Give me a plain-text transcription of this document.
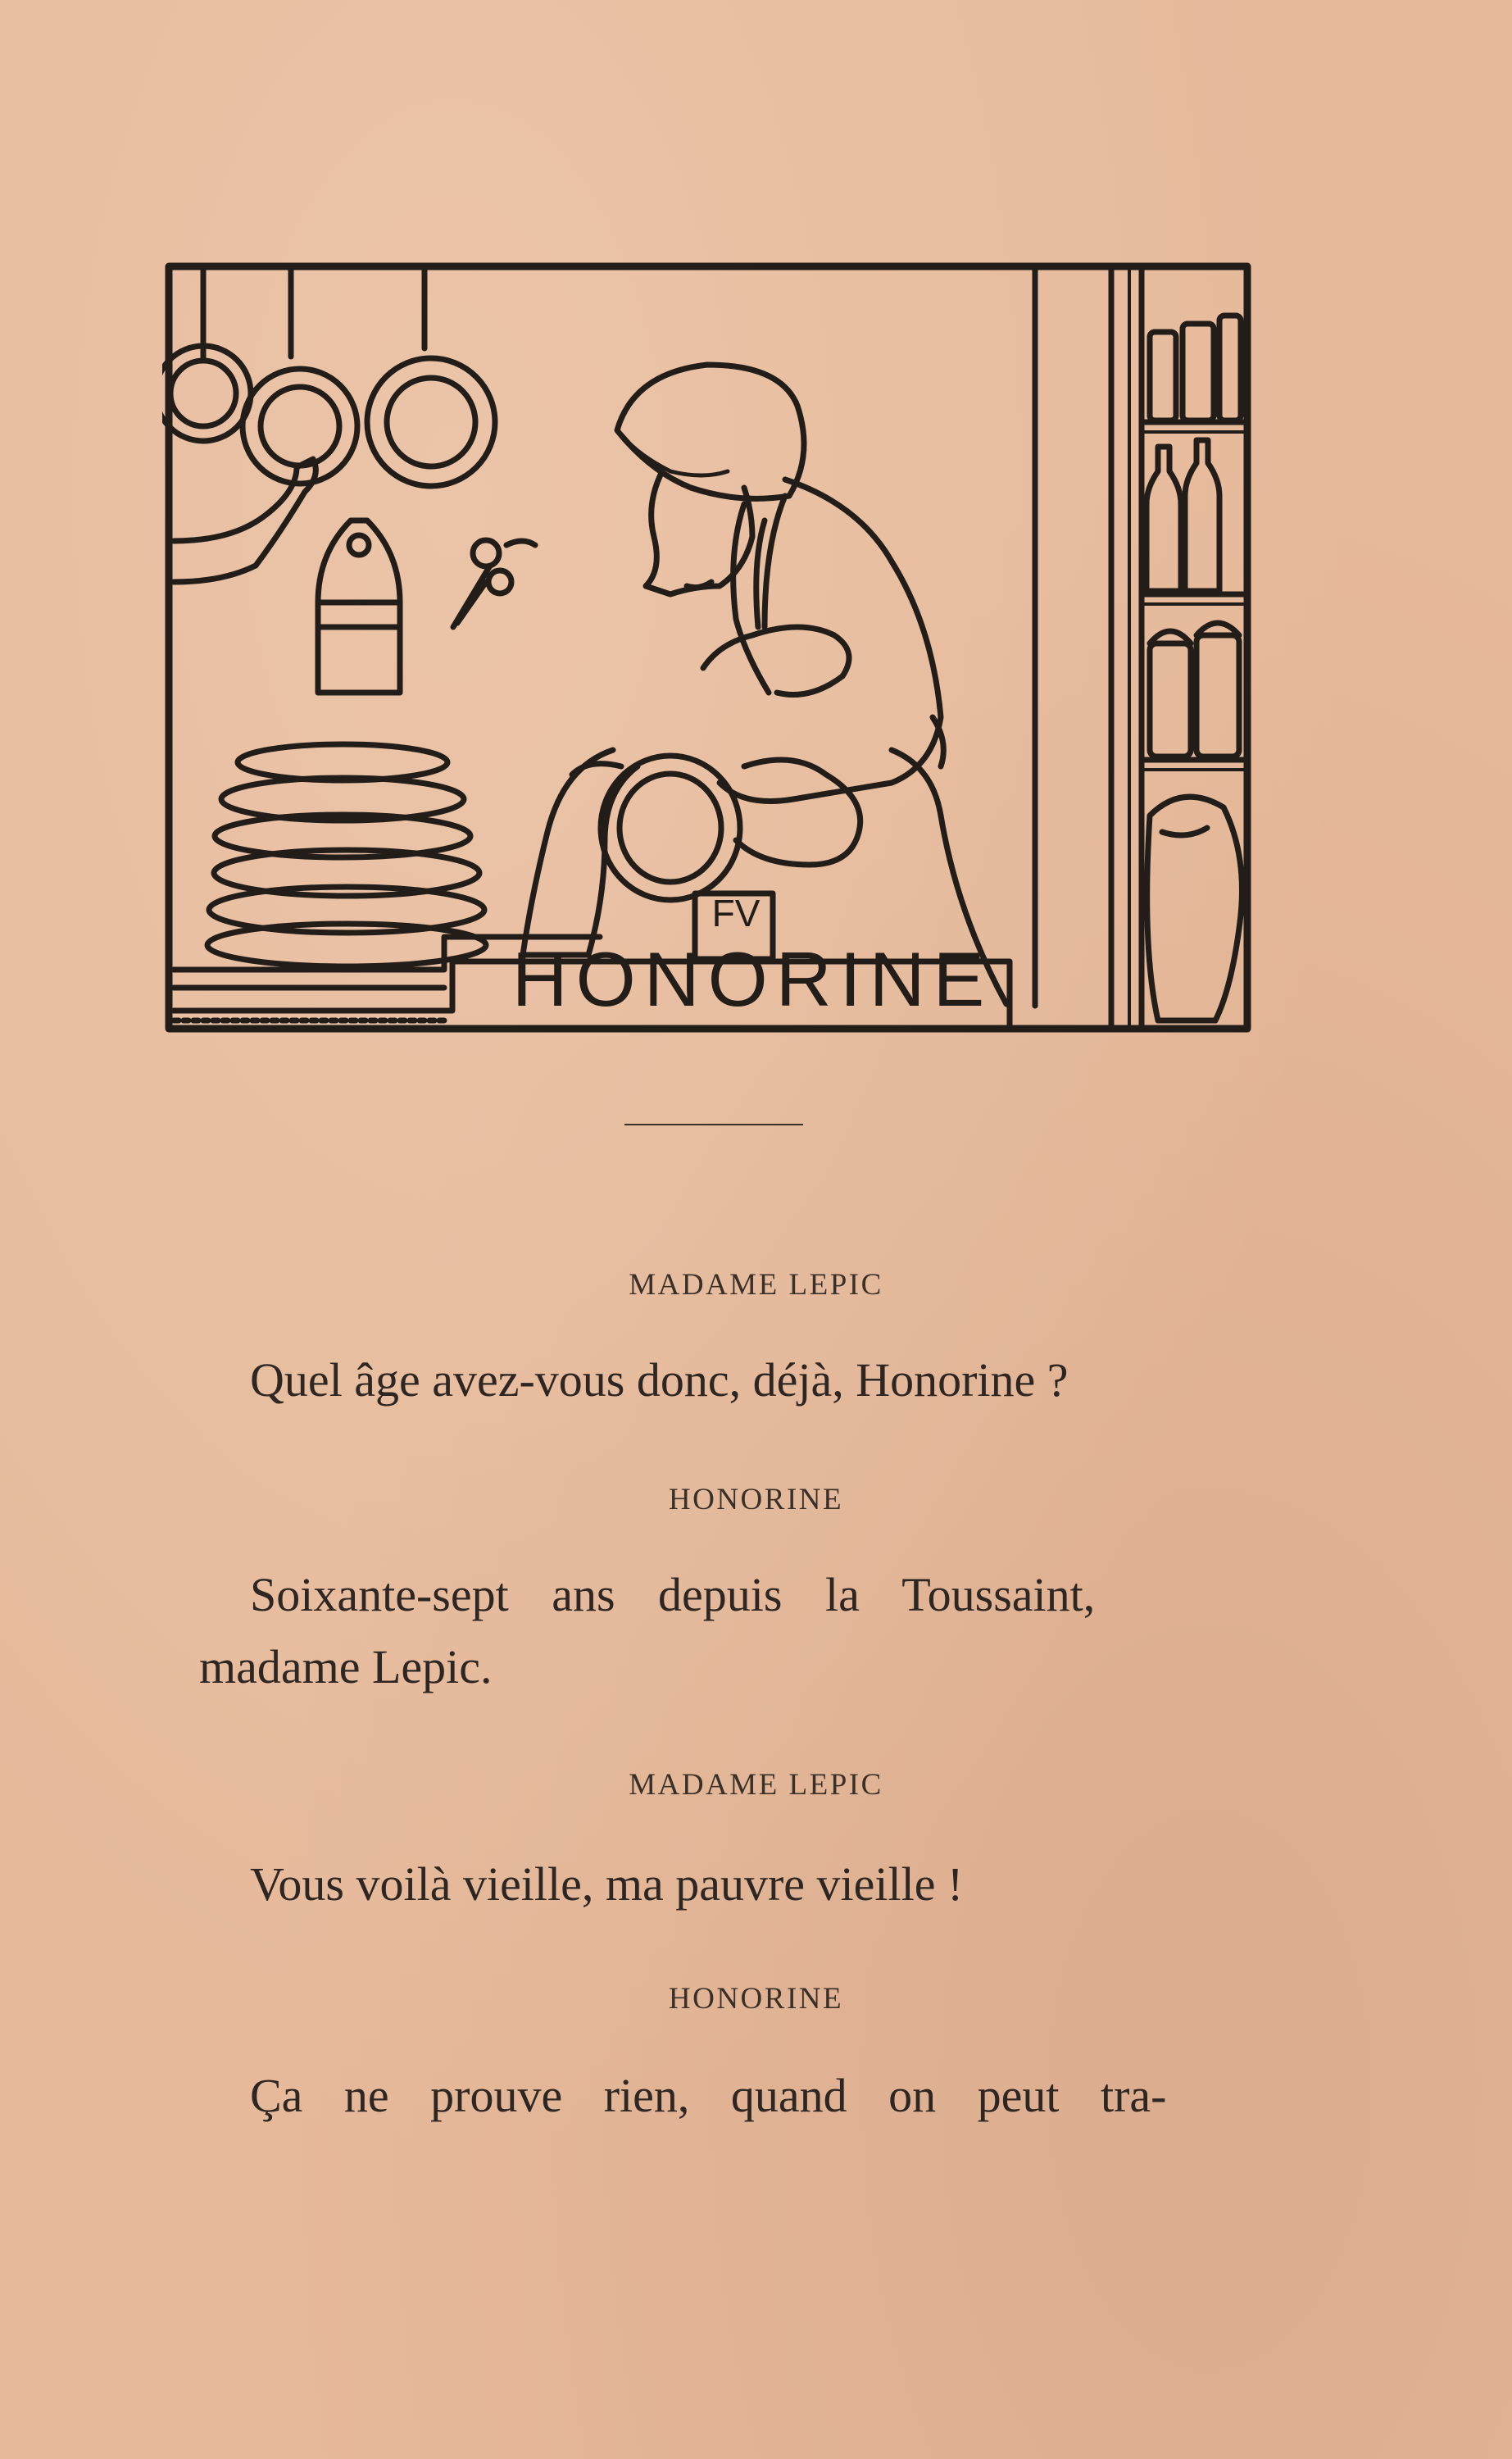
FV
HONORINE
MADAME LEPIC
Quel âge avez-vous donc, déjà, Honorine ?
HONORINE
Soixante-sept ans depuis la Toussaint,
madame Lepic.
MADAME LEPIC
Vous voilà vieille, ma pauvre vieille !
HONORINE
Ça ne prouve rien, quand on peut tra-
